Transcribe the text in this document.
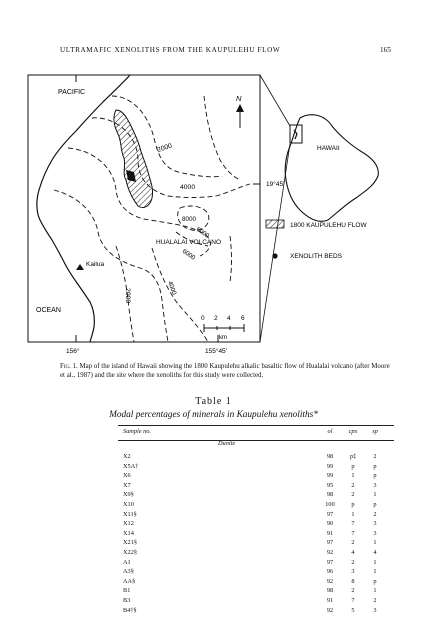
ULTRAMAFIC XENOLITHS FROM THE KAUPULEHU FLOW	165
PACIFIC
OCEAN
Kailua
HUALALAI VOLCANO
N
19°45'
156°	155°45'
0 2 4 6
km
2000
4000
6000
8000
6000
2000	4000
HAWAII
1800 KAUPULEHU FLOW
XENOLITH BEDS
Fig. 1. Map of the island of Hawaii showing the 1800 Kaupulehu alkalic basaltic flow of Hualalai volcano (after Moore et al., 1987) and the site where the xenoliths for this study were collected.
Table 1
Modal percentages of minerals in Kaupulehu xenoliths*
Sample no.	ol	cpx	sp
Dunite
X2	98	p‡	2
X5A†	99	p	p
X6	99	1	p
X7	95	2	3
X9§	98	2	1
X10	100	p	p
X11§	97	1	2
X12	90	7	3
X14	91	7	3
X21§	97	2	1
X22§	92	4	4
A1	97	2	1
A3§	96	3	1
AA§	92	8	p
B1	98	2	1
B3	91	7	2
B4†§	92	5	3
